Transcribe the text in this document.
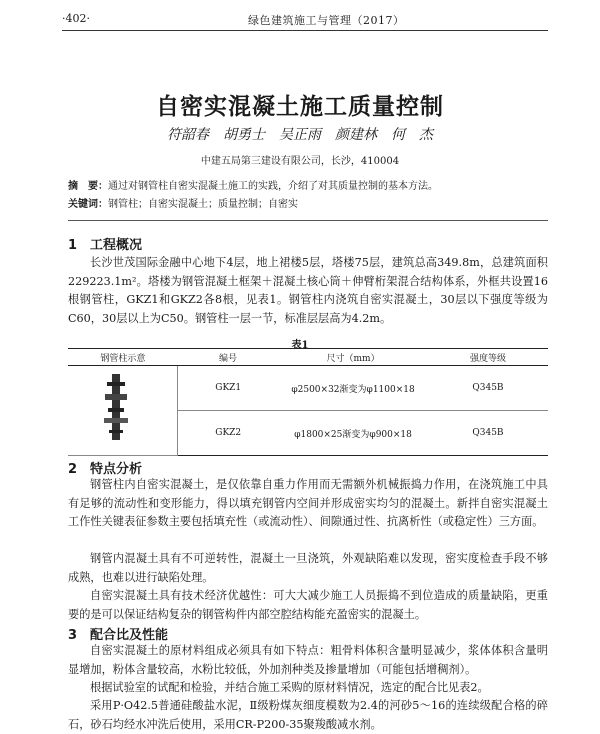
·402·	绿色建筑施工与管理（2017）
自密实混凝土施工质量控制
符韶春　胡勇士　吴正雨　颜建林　何　杰
中建五局第三建设有限公司，长沙，410004
摘　要：通过对钢管柱自密实混凝土施工的实践，介绍了对其质量控制的基本方法。
关键词：钢管柱；自密实混凝土；质量控制；自密实
1 工程概况
长沙世茂国际金融中心地下4层，地上裙楼5层，塔楼75层，建筑总高349.8m，总建筑面积229223.1m²。塔楼为钢管混凝土框架＋混凝土核心筒＋伸臂桁架混合结构体系，外框共设置16根钢管柱，GKZ1和GKZ2各8根，见表1。钢管柱内浇筑自密实混凝土，30层以下强度等级为C60，30层以上为C50。钢管柱一层一节，标准层层高为4.2m。
表1
钢管柱示意	编号	尺寸（mm）	强度等级

	GKZ1	φ2500×32渐变为φ1100×18	Q345B
	GKZ2	φ1800×25渐变为φ900×18	Q345B
2 特点分析
钢管柱内自密实混凝土，是仅依靠自重力作用而无需额外机械振捣力作用，在浇筑施工中具有足够的流动性和变形能力，得以填充钢管内空间并形成密实均匀的混凝土。新拌自密实混凝土工作性关键表征参数主要包括填充性（或流动性）、间隙通过性、抗离析性（或稳定性）三方面。
钢管内混凝土具有不可逆转性，混凝土一旦浇筑，外观缺陷难以发现，密实度检查手段不够成熟，也难以进行缺陷处理。
自密实混凝土具有技术经济优越性：可大大减少施工人员振捣不到位造成的质量缺陷，更重要的是可以保证结构复杂的钢管构件内部空腔结构能充盈密实的混凝土。
3 配合比及性能
自密实混凝土的原材料组成必须具有如下特点：粗骨料体积含量明显减少，浆体体积含量明显增加，粉体含量较高，水粉比较低，外加剂种类及掺量增加（可能包括增稠剂）。
根据试验室的试配和检验，并结合施工采购的原材料情况，选定的配合比见表2。
采用P·O42.5普通硅酸盐水泥，Ⅱ级粉煤灰细度模数为2.4的河砂5～16的连续级配合格的碎石，砂石均经水冲洗后使用，采用CR-P200-35聚羧酸减水剂。
